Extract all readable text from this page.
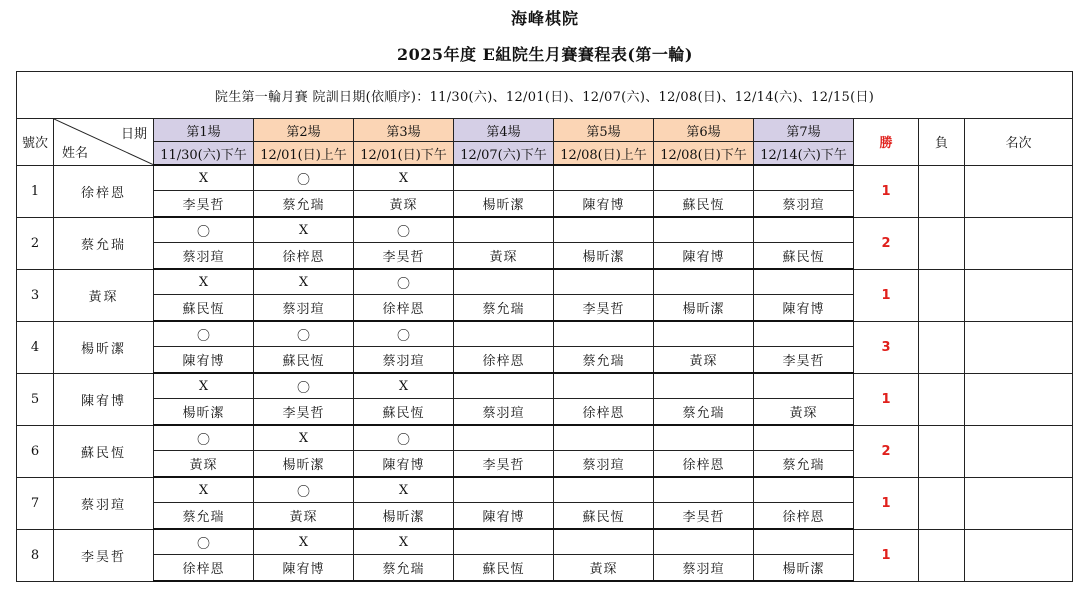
海峰棋院
2025年度 E組院生月賽賽程表(第一輪)
院生第一輪月賽 院訓日期(依順序)：11/30(六)、12/01(日)、12/07(六)、12/08(日)、12/14(六)、12/15(日)											
號次	日期
姓名	第1場	第2場	第3場	第4場	第5場	第6場	第7場	勝	負	名次
		11/30(六)下午	12/01(日)上午	12/01(日)下午	12/07(六)下午	12/08(日)上午	12/08(日)下午	12/14(六)下午			
1	徐梓恩	X	〇	X					1		
		李昊哲	蔡允瑞	黃琛	楊昕潔	陳宥博	蘇民恆	蔡羽瑄			
2	蔡允瑞	〇	X	〇					2		
		蔡羽瑄	徐梓恩	李昊哲	黃琛	楊昕潔	陳宥博	蘇民恆			
3	黃琛	X	X	〇					1		
		蘇民恆	蔡羽瑄	徐梓恩	蔡允瑞	李昊哲	楊昕潔	陳宥博			
4	楊昕潔	〇	〇	〇					3		
		陳宥博	蘇民恆	蔡羽瑄	徐梓恩	蔡允瑞	黃琛	李昊哲			
5	陳宥博	X	〇	X					1		
		楊昕潔	李昊哲	蘇民恆	蔡羽瑄	徐梓恩	蔡允瑞	黃琛			
6	蘇民恆	〇	X	〇					2		
		黃琛	楊昕潔	陳宥博	李昊哲	蔡羽瑄	徐梓恩	蔡允瑞			
7	蔡羽瑄	X	〇	X					1		
		蔡允瑞	黃琛	楊昕潔	陳宥博	蘇民恆	李昊哲	徐梓恩			
8	李昊哲	〇	X	X					1		
		徐梓恩	陳宥博	蔡允瑞	蘇民恆	黃琛	蔡羽瑄	楊昕潔			
